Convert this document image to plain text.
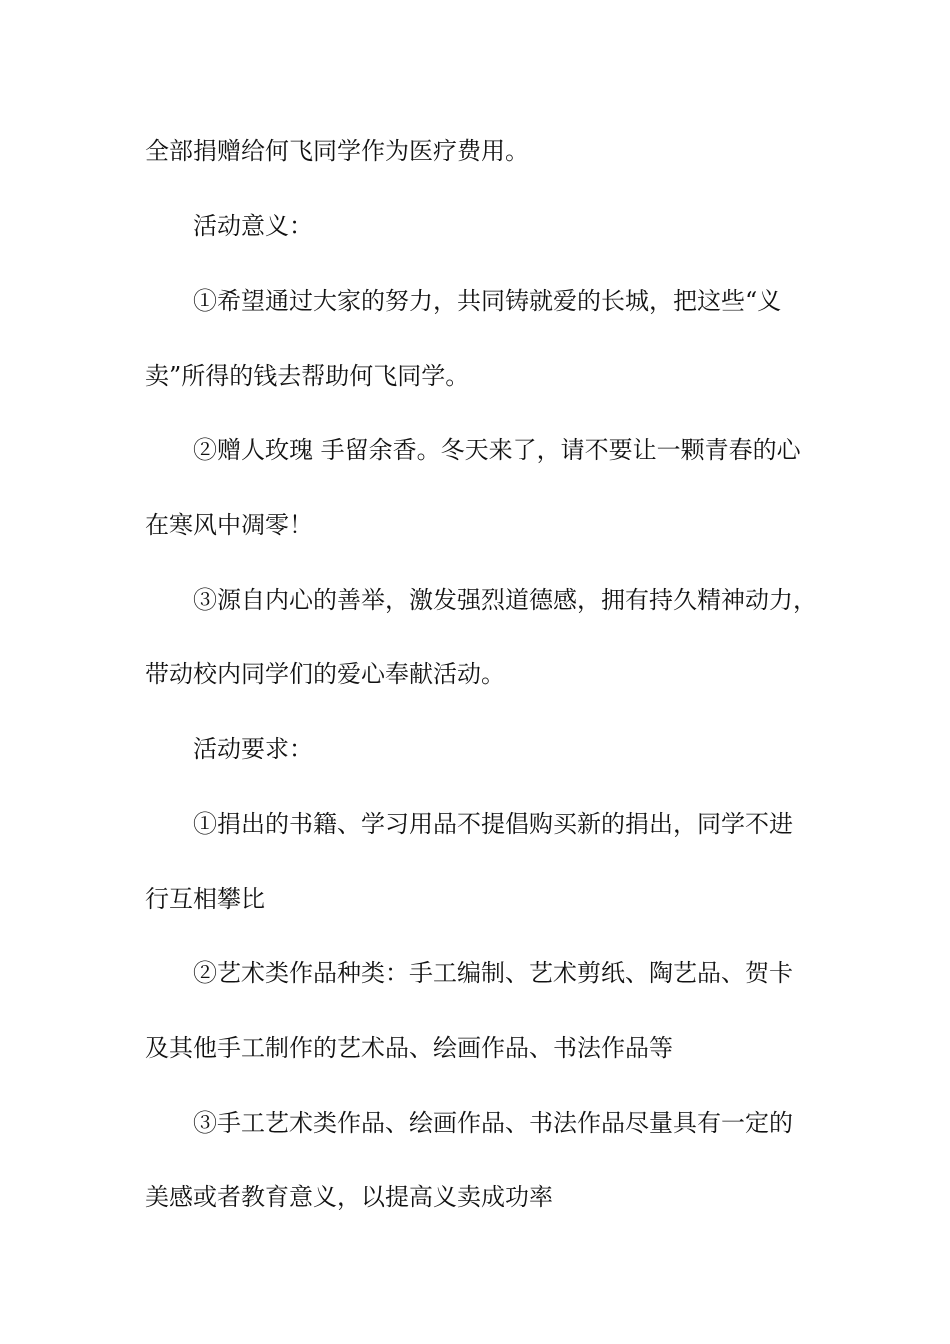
全部捐赠给何飞同学作为医疗费用。
活动意义：
①希望通过大家的努力，共同铸就爱的长城，把这些“义
卖”所得的钱去帮助何飞同学。
②赠人玫瑰 手留余香。冬天来了，请不要让一颗青春的心
在寒风中凋零！
③源自内心的善举，激发强烈道德感，拥有持久精神动力，
带动校内同学们的爱心奉献活动。
活动要求：
①捐出的书籍、学习用品不提倡购买新的捐出，同学不进
行互相攀比
②艺术类作品种类：手工编制、艺术剪纸、陶艺品、贺卡
及其他手工制作的艺术品、绘画作品、书法作品等
③手工艺术类作品、绘画作品、书法作品尽量具有一定的
美感或者教育意义，以提高义卖成功率
